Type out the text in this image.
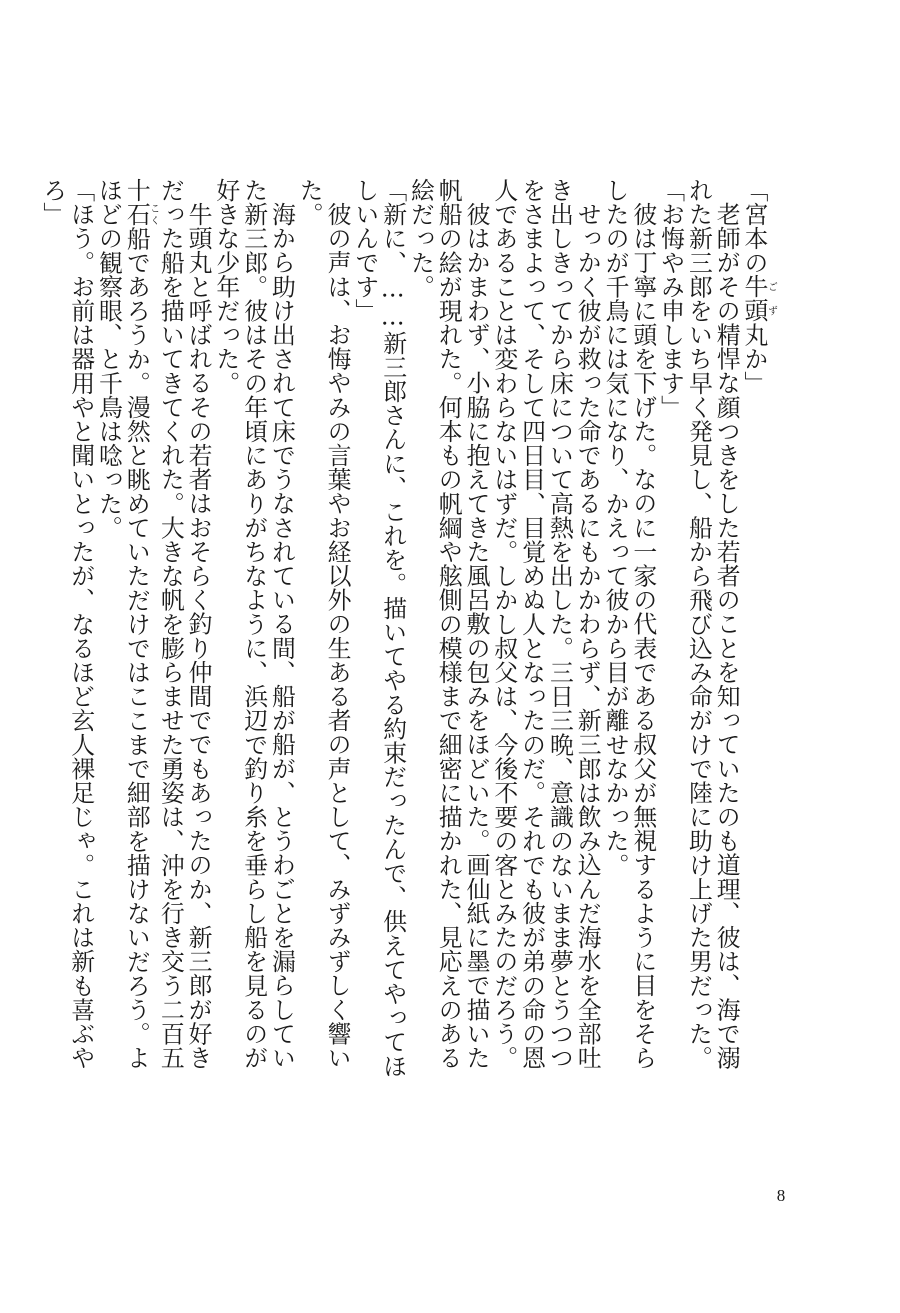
「宮本の牛頭ごず丸か」

老師がその精悍な顔つきをした若者のことを知っていたのも道理、彼は、海で溺れた新三郎をいち早く発見し、船から飛び込み命がけで陸に助け上げた男だった。

「お悔やみ申します」

彼は丁寧に頭を下げた。なのに一家の代表である叔父が無視するように目をそらしたのが千鳥には気になり、かえって彼から目が離せなかった。

せっかく彼が救った命であるにもかかわらず、新三郎は飲み込んだ海水を全部吐き出しきってから床について高熱を出した。三日三晩、意識のないまま夢とうつつをさまよって、そして四日目、目覚めぬ人となったのだ。それでも彼が弟の命の恩人であることは変わらないはずだ。しかし叔父は、今後不要の客とみたのだろう。

彼はかまわず、小脇に抱えてきた風呂敷の包みをほどいた。画仙紙に墨で描いた帆船の絵が現れた。何本もの帆綱や舷側の模様まで細密に描かれた、見応えのある絵だった。

「新に、……新三郎さんに、これを。描いてやる約束だったんで、供えてやってほしいんです」

彼の声は、お悔やみの言葉やお経以外の生ある者の声として、みずみずしく響いた。

海から助け出されて床でうなされている間、船が船が、とうわごとを漏らしていた新三郎。彼はその年頃にありがちなように、浜辺で釣り糸を垂らし船を見るのが好きな少年だった。

牛頭丸と呼ばれるその若者はおそらく釣り仲間ででもあったのか、新三郎が好きだった船を描いてきてくれた。大きな帆を膨らませた勇姿は、沖を行き交う二百五十石こく船であろうか。漫然と眺めていただけではここまで細部を描けないだろう。よほどの観察眼、と千鳥は唸った。

「ほう。お前は器用やと聞いとったが、なるほど玄人裸足じゃ。これは新も喜ぶやろ」

8
